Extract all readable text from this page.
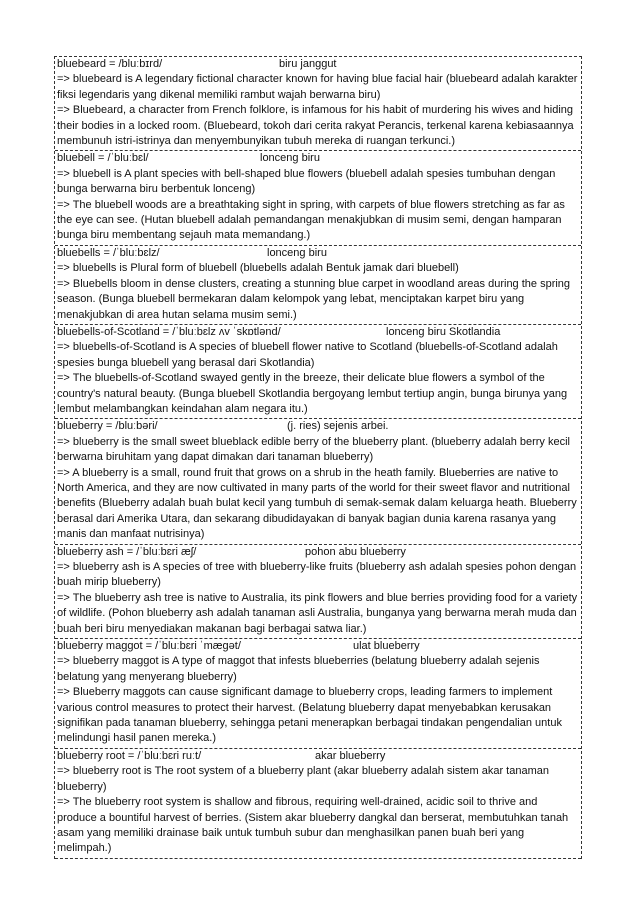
bluebeard = /bluːbɪrd/	biru janggut
=> bluebeard is A legendary fictional character known for having blue facial hair (bluebeard adalah karakter fiksi legendaris yang dikenal memiliki rambut wajah berwarna biru)
=> Bluebeard, a character from French folklore, is infamous for his habit of murdering his wives and hiding their bodies in a locked room. (Bluebeard, tokoh dari cerita rakyat Perancis, terkenal karena kebiasaannya membunuh istri-istrinya dan menyembunyikan tubuh mereka di ruangan terkunci.)
bluebell = /ˈbluːbɛl/	lonceng biru
=> bluebell is A plant species with bell-shaped blue flowers (bluebell adalah spesies tumbuhan dengan bunga berwarna biru berbentuk lonceng)
=> The bluebell woods are a breathtaking sight in spring, with carpets of blue flowers stretching as far as the eye can see. (Hutan bluebell adalah pemandangan menakjubkan di musim semi, dengan hamparan bunga biru membentang sejauh mata memandang.)
bluebells = /ˈbluːbɛlz/	lonceng biru
=> bluebells is Plural form of bluebell (bluebells adalah Bentuk jamak dari bluebell)
=> Bluebells bloom in dense clusters, creating a stunning blue carpet in woodland areas during the spring season. (Bunga bluebell bermekaran dalam kelompok yang lebat, menciptakan karpet biru yang menakjubkan di area hutan selama musim semi.)
bluebells-of-Scotland = /ˈbluːbɛlz ʌv ˈskɒtlənd/	lonceng biru Skotlandia
=> bluebells-of-Scotland is A species of bluebell flower native to Scotland (bluebells-of-Scotland adalah spesies bunga bluebell yang berasal dari Skotlandia)
=> The bluebells-of-Scotland swayed gently in the breeze, their delicate blue flowers a symbol of the country's natural beauty. (Bunga bluebell Skotlandia bergoyang lembut tertiup angin, bunga birunya yang lembut melambangkan keindahan alam negara itu.)
blueberry = /bluːbəri/	(j. ries) sejenis arbei.
=> blueberry is the small sweet blueblack edible berry of the blueberry plant. (blueberry adalah berry kecil berwarna biruhitam yang dapat dimakan dari tanaman blueberry)
=> A blueberry is a small, round fruit that grows on a shrub in the heath family. Blueberries are native to North America, and they are now cultivated in many parts of the world for their sweet flavor and nutritional benefits (Blueberry adalah buah bulat kecil yang tumbuh di semak-semak dalam keluarga heath. Blueberry berasal dari Amerika Utara, dan sekarang dibudidayakan di banyak bagian dunia karena rasanya yang manis dan manfaat nutrisinya)
blueberry ash = /ˈbluːbɛri æʃ/	pohon abu blueberry
=> blueberry ash is A species of tree with blueberry-like fruits (blueberry ash adalah spesies pohon dengan buah mirip blueberry)
=> The blueberry ash tree is native to Australia, its pink flowers and blue berries providing food for a variety of wildlife. (Pohon blueberry ash adalah tanaman asli Australia, bunganya yang berwarna merah muda dan buah beri biru menyediakan makanan bagi berbagai satwa liar.)
blueberry maggot = /ˈbluːbɛri ˈmægət/	ulat blueberry
=> blueberry maggot is A type of maggot that infests blueberries (belatung blueberry adalah sejenis belatung yang menyerang blueberry)
=> Blueberry maggots can cause significant damage to blueberry crops, leading farmers to implement various control measures to protect their harvest. (Belatung blueberry dapat menyebabkan kerusakan signifikan pada tanaman blueberry, sehingga petani menerapkan berbagai tindakan pengendalian untuk melindungi hasil panen mereka.)
blueberry root = /ˈbluːbɛri ruːt/	akar blueberry
=> blueberry root is The root system of a blueberry plant (akar blueberry adalah sistem akar tanaman blueberry)
=> The blueberry root system is shallow and fibrous, requiring well-drained, acidic soil to thrive and produce a bountiful harvest of berries. (Sistem akar blueberry dangkal dan berserat, membutuhkan tanah asam yang memiliki drainase baik untuk tumbuh subur dan menghasilkan panen buah beri yang melimpah.)
